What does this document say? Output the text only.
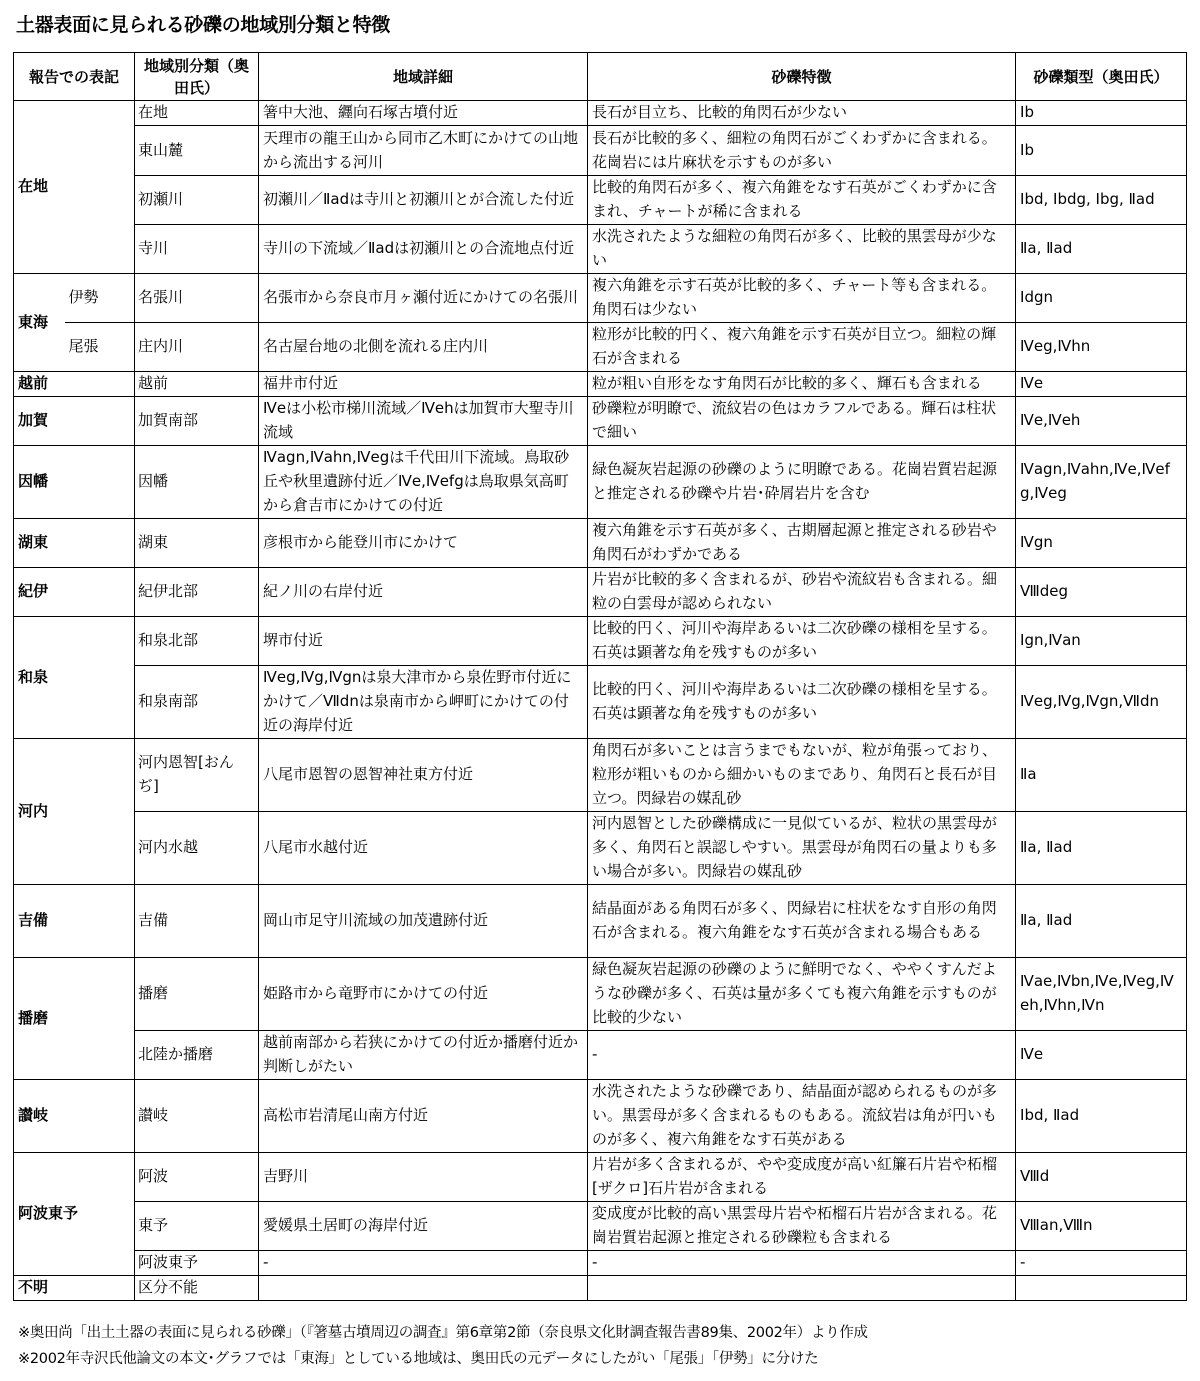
土器表面に見られる砂礫の地域別分類と特徴
報告での表記		地域別分類（奥田氏）	地域詳細	砂礫特徴	砂礫類型（奥田氏）
在地		在地	箸中大池、纒向石塚古墳付近	長石が目立ち、比較的角閃石が少ない	Ⅰb
		東山麓	天理市の龍王山から同市乙木町にかけての山地から流出する河川	長石が比較的多く、細粒の角閃石がごくわずかに含まれる。花崗岩には片麻状を示すものが多い	Ⅰb
		初瀬川	初瀬川／Ⅱadは寺川と初瀬川とが合流した付近	比較的角閃石が多く、複六角錐をなす石英がごくわずかに含まれ、チャートが稀に含まれる	Ⅰbd, Ⅰbdg, Ⅰbg, Ⅱad
		寺川	寺川の下流域／Ⅱadは初瀬川との合流地点付近	水洗されたような細粒の角閃石が多く、比較的黒雲母が少ない	Ⅱa, Ⅱad
東海	伊勢	名張川	名張市から奈良市月ヶ瀬付近にかけての名張川	複六角錐を示す石英が比較的多く、チャート等も含まれる。角閃石は少ない	Ⅰdgn
	尾張	庄内川	名古屋台地の北側を流れる庄内川	粒形が比較的円く、複六角錐を示す石英が目立つ。細粒の輝石が含まれる	Ⅳeg,Ⅳhn
越前		越前	福井市付近	粒が粗い自形をなす角閃石が比較的多く、輝石も含まれる	Ⅳe
加賀		加賀南部	Ⅳeは小松市梯川流域／Ⅳehは加賀市大聖寺川流域	砂礫粒が明瞭で、流紋岩の色はカラフルである。輝石は柱状で細い	Ⅳe,Ⅳeh
因幡		因幡	Ⅳagn,Ⅳahn,Ⅳegは千代田川下流域。鳥取砂丘や秋里遺跡付近／Ⅳe,Ⅳefgは鳥取県気高町から倉吉市にかけての付近	緑色凝灰岩起源の砂礫のように明瞭である。花崗岩質岩起源と推定される砂礫や片岩･砕屑岩片を含む	Ⅳagn,Ⅳahn,Ⅳe,Ⅳefg,Ⅳeg
湖東		湖東	彦根市から能登川市にかけて	複六角錐を示す石英が多く、古期層起源と推定される砂岩や角閃石がわずかである	Ⅳgn
紀伊		紀伊北部	紀ノ川の右岸付近	片岩が比較的多く含まれるが、砂岩や流紋岩も含まれる。細粒の白雲母が認められない	Ⅷdeg
和泉		和泉北部	堺市付近	比較的円く、河川や海岸あるいは二次砂礫の様相を呈する。石英は顕著な角を残すものが多い	Ⅰgn,Ⅳan
		和泉南部	Ⅳeg,Ⅳg,Ⅳgnは泉大津市から泉佐野市付近にかけて／Ⅶdnは泉南市から岬町にかけての付近の海岸付近	比較的円く、河川や海岸あるいは二次砂礫の様相を呈する。石英は顕著な角を残すものが多い	Ⅳeg,Ⅳg,Ⅳgn,Ⅶdn
河内		河内恩智[おんぢ]	八尾市恩智の恩智神社東方付近	角閃石が多いことは言うまでもないが、粒が角張っており、粒形が粗いものから細かいものまであり、角閃石と長石が目立つ。閃緑岩の媒乱砂	Ⅱa
		河内水越	八尾市水越付近	河内恩智とした砂礫構成に一見似ているが、粒状の黒雲母が多く、角閃石と誤認しやすい。黒雲母が角閃石の量よりも多い場合が多い。閃緑岩の媒乱砂	Ⅱa, Ⅱad
吉備		吉備	岡山市足守川流域の加茂遺跡付近	結晶面がある角閃石が多く、閃緑岩に柱状をなす自形の角閃石が含まれる。複六角錐をなす石英が含まれる場合もある	Ⅱa, Ⅱad
播磨		播磨	姫路市から竜野市にかけての付近	緑色凝灰岩起源の砂礫のように鮮明でなく、ややくすんだような砂礫が多く、石英は量が多くても複六角錐を示すものが比較的少ない	Ⅳae,Ⅳbn,Ⅳe,Ⅳeg,Ⅳeh,Ⅳhn,Ⅳn
		北陸か播磨	越前南部から若狭にかけての付近か播磨付近か判断しがたい	-	Ⅳe
讃岐		讃岐	高松市岩清尾山南方付近	水洗されたような砂礫であり、結晶面が認められるものが多い。黒雲母が多く含まれるものもある。流紋岩は角が円いものが多く、複六角錐をなす石英がある	Ⅰbd, Ⅱad
阿波東予		阿波	吉野川	片岩が多く含まれるが、やや変成度が高い紅簾石片岩や柘榴[ザクロ]石片岩が含まれる	Ⅷd
		東予	愛媛県土居町の海岸付近	変成度が比較的高い黒雲母片岩や柘榴石片岩が含まれる。花崗岩質岩起源と推定される砂礫粒も含まれる	Ⅷan,Ⅷn
		阿波東予	-	-	-
不明		区分不能			

※奥田尚「出土土器の表面に見られる砂礫」（『箸墓古墳周辺の調査』第6章第2節（奈良県文化財調査報告書89集、2002年）より作成

※2002年寺沢氏他論文の本文･グラフでは「東海」としている地域は、奥田氏の元データにしたがい「尾張」「伊勢」に分けた
